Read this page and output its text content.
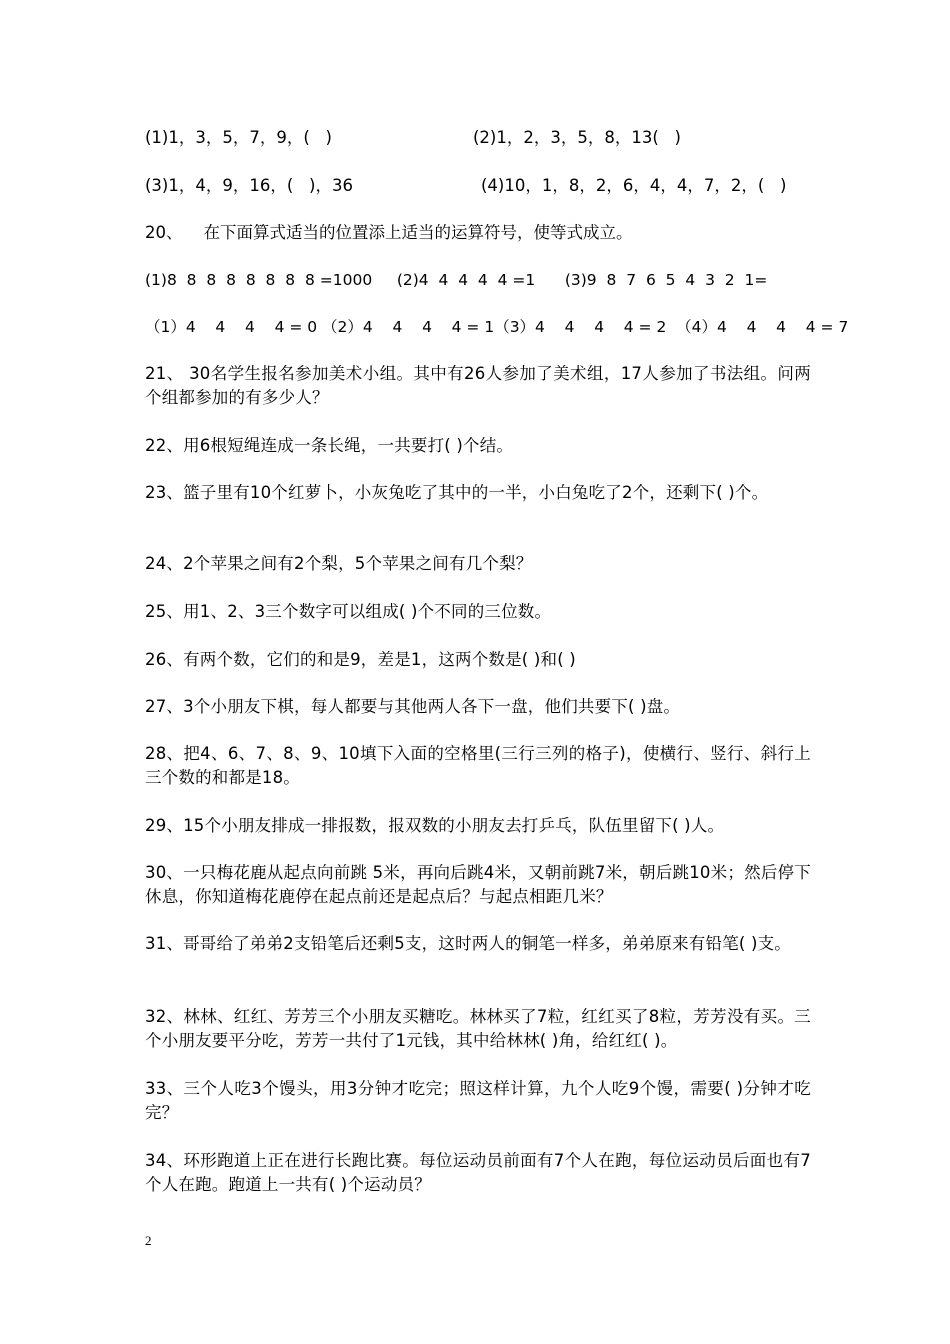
(1)1，3，5，7，9，(   )	(2)1，2，3，5，8，13(   )
(3)1，4，9，16，(   )，36	(4)10，1，8，2，6，4，4，7，2，(   )
20、    在下面算式适当的位置添上适当的运算符号，使等式成立。
(1)8  8  8  8  8  8  8  8 =1000     (2)4  4  4  4  4 =1      (3)9  8  7  6  5  4  3  2  1=
（1）4    4    4    4 = 0 （2）4    4    4    4 = 1（3）4    4    4    4 = 2  （4）4    4    4    4 = 7
21、 30名学生报名参加美术小组。其中有26人参加了美术组，17人参加了书法组。问两个组都参加的有多少人？
22、用6根短绳连成一条长绳，一共要打( )个结。
23、篮子里有10个红萝卜，小灰兔吃了其中的一半，小白兔吃了2个，还剩下( )个。
24、2个苹果之间有2个梨，5个苹果之间有几个梨？
25、用1、2、3三个数字可以组成( )个不同的三位数。
26、有两个数，它们的和是9，差是1，这两个数是( )和( )
27、3个小朋友下棋，每人都要与其他两人各下一盘，他们共要下( )盘。
28、把4、6、7、8、9、10填下入面的空格里(三行三列的格子)，使横行、竖行、斜行上三个数的和都是18。
29、15个小朋友排成一排报数，报双数的小朋友去打乒乓，队伍里留下( )人。
30、一只梅花鹿从起点向前跳 5米，再向后跳4米，又朝前跳7米，朝后跳10米；然后停下休息，你知道梅花鹿停在起点前还是起点后？与起点相距几米？
31、哥哥给了弟弟2支铅笔后还剩5支，这时两人的铜笔一样多，弟弟原来有铅笔( )支。
32、林林、红红、芳芳三个小朋友买糖吃。林林买了7粒，红红买了8粒，芳芳没有买。三个小朋友要平分吃，芳芳一共付了1元钱，其中给林林( )角，给红红( )。
33、三个人吃3个馒头，用3分钟才吃完；照这样计算，九个人吃9个馒，需要( )分钟才吃完？
34、环形跑道上正在进行长跑比赛。每位运动员前面有7个人在跑，每位运动员后面也有7个人在跑。跑道上一共有( )个运动员？
2
